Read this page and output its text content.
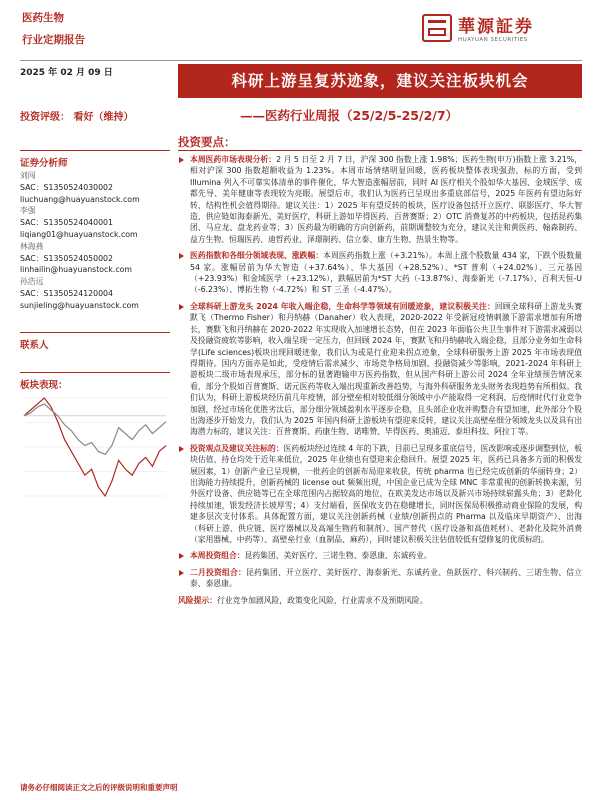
医药生物
行业定期报告
華源証券
HUAYUAN SECURITIES
2025 年 02 月 09 日	科研上游呈复苏迹象，建议关注板块机会
投资评级： 看好（维持）	——医药行业周报（25/2/5-25/2/7）
投资要点：
证券分析师
刘闯
SAC：S1350524030002
liuchuang@huayuanstock.com
李强
SAC：S1350524040001
liqiang01@huayuanstock.com
林海燕
SAC：S1350524050002
linhailin@huayuanstock.com
孙浩远
SAC：S1350524120004
sunjieling@huayuanstock.com
联系人
板块表现：
本周医药市场表现分析：2 月 5 日至 2 月 7 日，沪深 300 指数上涨 1.98%；医药生物(申万)指数上涨 3.21%，相对沪深 300 指数超额收益为 1.23%。本周市场情绪明显回暖，医药板块整体表现强劲，标的方面，受到 Illumina 列入不可靠实体清单的事件催化，华大智造涨幅居前，同时 AI 医疗相关个股如华大基因、金域医学、成都先导、美年健康等表现较为亮眼。展望后市，我们认为医药已呈现出多重底部信号，2025 年医药有望边际好转，结构性机会值得期待。建议关注：1）2025 年有望反转的板块，医疗设备包括开立医疗、联影医疗、华大智造，供应链如海泰新光、美好医疗，科研上游如毕得医药、百普赛斯；2）OTC 消费复苏的中药板块，包括昆药集团、马应龙、盘龙药业等；3）医药最为明确的方向创新药，前期调整较为充分，建议关注和黄医药、翰森制药、益方生物、恒瑞医药、迪哲药业、泽璟制药、信立泰、康方生物、热景生物等。
医药指数和各细分领域表现、涨跌幅：本周医药指数上涨（+3.21%）。本周上涨个股数量 434 家，下跌个股数量 54 家。涨幅居前为华大智造（+37.64%）、华大基因（+28.52%）、*ST 普利（+24.02%）、三元基因（+23.93%）和金域医学（+23.12%），跌幅居前为*ST 大药（-13.87%）、海泰新光（-7.17%）、百利天恒-U（-6.23%）、博拓生物（-4.72%）和 ST 三圣（-4.47%）。
全球科研上游龙头 2024 年收入端企稳，生命科学等领域有回暖迹象，建议积极关注：回顾全球科研上游龙头赛默飞（Thermo Fisher）和丹纳赫（Danaher）收入表现，2020-2022 年受新冠疫情刺激下游需求增加有所增长，赛默飞和丹纳赫在 2020-2022 年实现收入加速增长态势，但在 2023 年面临公共卫生事件对下游需求减弱以及投融资疲软等影响，收入端呈现一定压力，但回顾 2024 年，赛默飞和丹纳赫收入端企稳，且部分业务如生命科学(Life sciences)板块出现回暖迹象，我们认为或是行业迎来拐点迹象，全球科研服务上游 2025 年市场表现值得期待。国内方面亦是如此，受疫情后需求减少、市场竞争格局加剧、投融资减少等影响，2021-2024 年科研上游板块二级市场表现承压，部分标的显著跑输申万医药指数，但从国产科研上游公司 2024 全年业绩预告情况来看，部分个股如百普赛斯、诺元医药等收入端出现重新改善趋势，与海外科研服务龙头财务表现趋势有所相似。我们认为，科研上游板块经历前几年疫情，部分壁垒相对较低细分领域中小产能取得一定利润，后疫情时代行业竞争加剧，经过市场化优胜劣汰后，部分细分领域盈利水平逐步企稳，且头部企业收并购整合有望加速，此外部分个股出海逐步开始发力，我们认为 2025 年国内科研上游板块有望迎来反转，建议关注高壁垒细分领域龙头以及具有出海潜力标的，建议关注：百普赛斯、药康生物、诺唯赞、毕得医药、奥浦迈、泰坦科技、阿拉丁等。
投资观点及建议关注标的：医药板块经过连续 4 年的下跌，目前已呈现多重底信号，医改影响或逐步调整到位，板块估值、持仓均处于近年来低位，2025 年业绩也有望迎来企稳回升。展望 2025 年，医药已具备多方面的积极发展因素，1）创新产业已呈现横，一批药企的创新布局迎来收获，传统 pharma 也已经完成创新的华丽转身；2）出海能力持续提升，创新药械的 license out 频频出现，中国企业已成为全球 MNC 非常重视的创新转换来源，另外医疗设备、供应链等已在全球范围内占据较高的地位，在欧美发达市场以及新兴市场持续崭露头角；3）老龄化持续加速，银发经济长坡厚雪；4）支付端看，医保收支仍在稳健增长，同时医保局积极推动商业保险的发展，构建多层次支付体系。具体配置方面，建议关注创新药械（业绩/创新拐点的 Pharma 以及临床早期资产）、出海（科研上游、供应链、医疗器械以及高端生物药和制剂）、国产替代（医疗设备和高值耗材）、老龄化及院外消费（家用器械、中药等）、高壁垒行业（血制品、麻药），同时建议积极关注估值较低有望修复的优质标的。
本周投资组合：昆药集团、美好医疗、三诺生物、泰恩康、东诚药业。
二月投资组合：昆药集团、开立医疗、美好医疗、海泰新光、东诚药业、鱼跃医疗、科兴制药、三诺生物、信立泰、泰恩康。
风险提示：行业竞争加剧风险，政策变化风险，行业需求不及预期风险。
请务必仔细阅读正文之后的评级说明和重要声明
